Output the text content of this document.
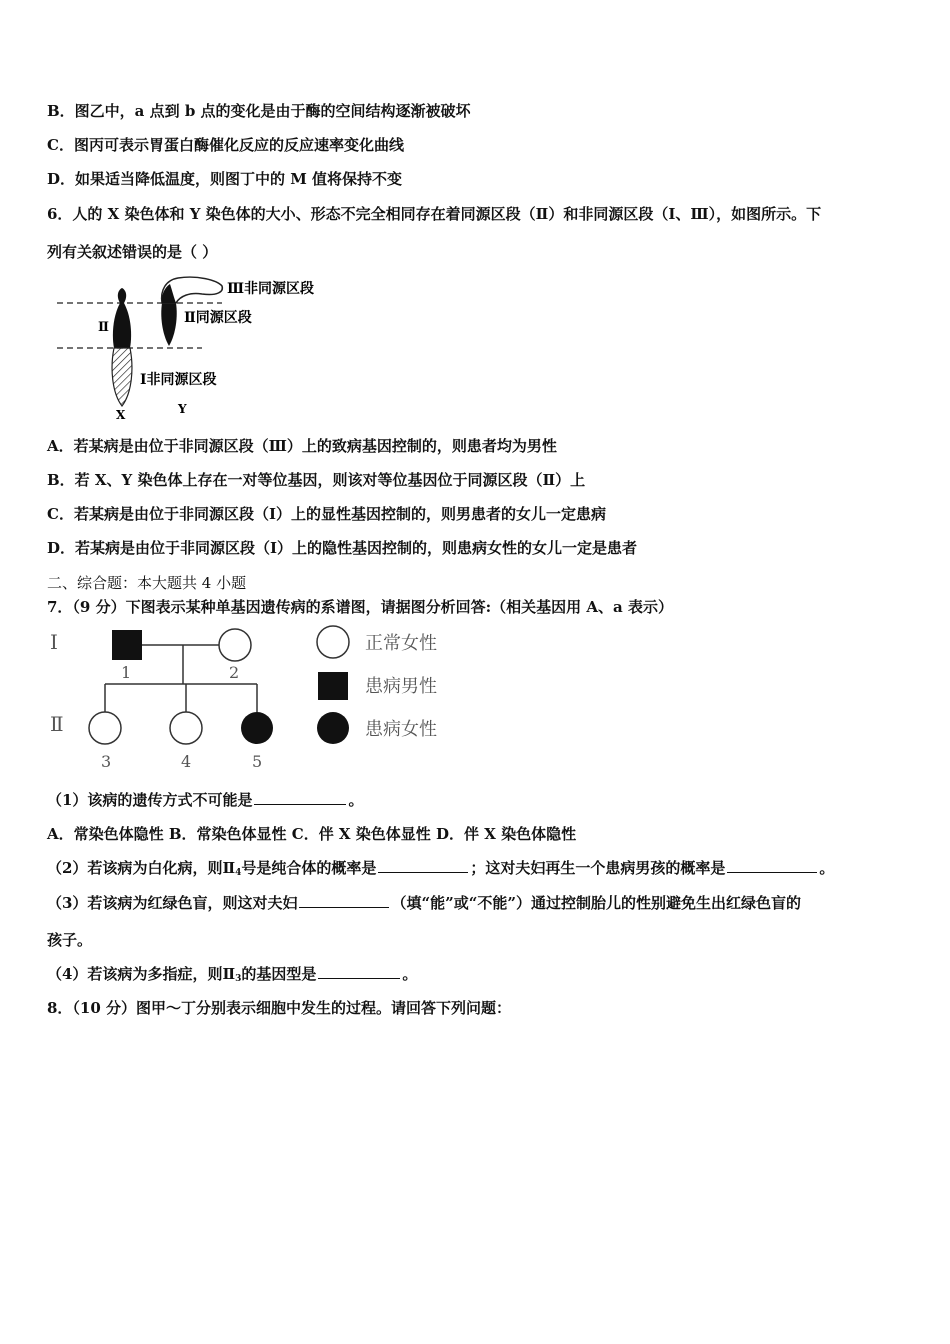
B．图乙中，a 点到 b 点的变化是由于酶的空间结构逐渐被破坏
C．图丙可表示胃蛋白酶催化反应的反应速率变化曲线
D．如果适当降低温度，则图丁中的 M 值将保持不变
6．人的 X 染色体和 Y 染色体的大小、形态不完全相同存在着同源区段（Ⅱ）和非同源区段（Ⅰ、Ⅲ），如图所示。下
列有关叙述错误的是（ ）
Ⅲ非同源区段
Ⅱ同源区段
Ⅰ非同源区段
Ⅱ
X	Y
A．若某病是由位于非同源区段（Ⅲ）上的致病基因控制的，则患者均为男性
B．若 X、Y 染色体上存在一对等位基因，则该对等位基因位于同源区段（Ⅱ）上
C．若某病是由位于非同源区段（Ⅰ）上的显性基因控制的，则男患者的女儿一定患病
D．若某病是由位于非同源区段（Ⅰ）上的隐性基因控制的，则患病女性的女儿一定是患者
二、综合题：本大题共 4 小题
7．（9 分）下图表示某种单基因遗传病的系谱图，请据图分析回答:（相关基因用 A、a 表示）
Ⅰ
Ⅱ
1	2
3	4	5
正常女性
患病男性
患病女性
（1）该病的遗传方式不可能是	。
A．常染色体隐性 B．常染色体显性 C．伴 X 染色体显性 D．伴 X 染色体隐性
（2）若该病为白化病，则$Ⅱ_4$号是纯合体的概率是	；这对夫妇再生一个患病男孩的概率是	。
（3）若该病为红绿色盲，则这对夫妇	（填“能”或“不能”）通过控制胎儿的性别避免生出红绿色盲的
孩子。
（4）若该病为多指症，则$Ⅱ_3$的基因型是	。
8．（10 分）图甲～丁分别表示细胞中发生的过程。请回答下列问题：
